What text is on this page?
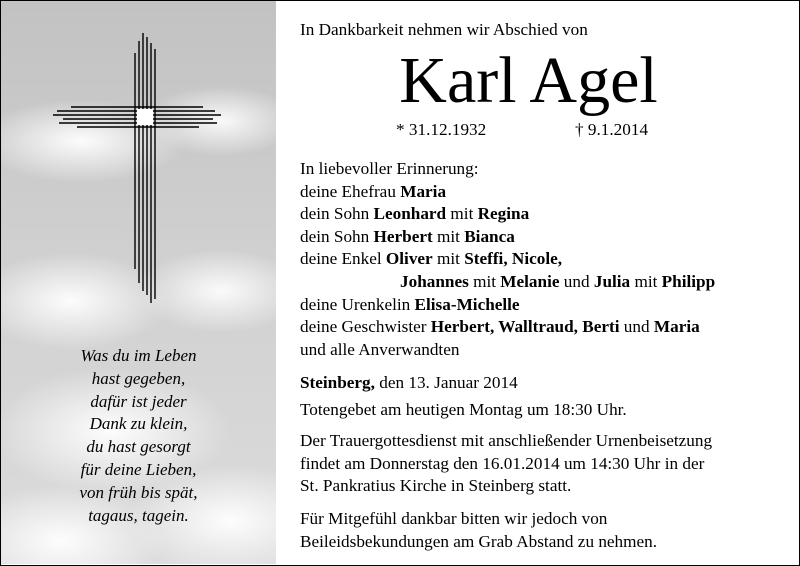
Was du im Leben
hast gegeben,
dafür ist jeder
Dank zu klein,
du hast gesorgt
für deine Lieben,
von früh bis spät,
tagaus, tagein.
In Dankbarkeit nehmen wir Abschied von
Karl Agel
* 31.12.1932	† 9.1.2014
In liebevoller Erinnerung:
deine Ehefrau Maria
dein Sohn Leonhard mit Regina
dein Sohn Herbert mit Bianca
deine Enkel Oliver mit Steffi, Nicole,
Johannes mit Melanie und Julia mit Philipp
deine Urenkelin Elisa-Michelle
deine Geschwister Herbert, Walltraud, Berti und Maria
und alle Anverwandten
Steinberg, den 13. Januar 2014
Totengebet am heutigen Montag um 18:30 Uhr.
Der Trauergottesdienst mit anschließender Urnenbeisetzung
findet am Donnerstag den 16.01.2014 um 14:30 Uhr in der
St. Pankratius Kirche in Steinberg statt.
Für Mitgefühl dankbar bitten wir jedoch von
Beileidsbekundungen am Grab Abstand zu nehmen.
